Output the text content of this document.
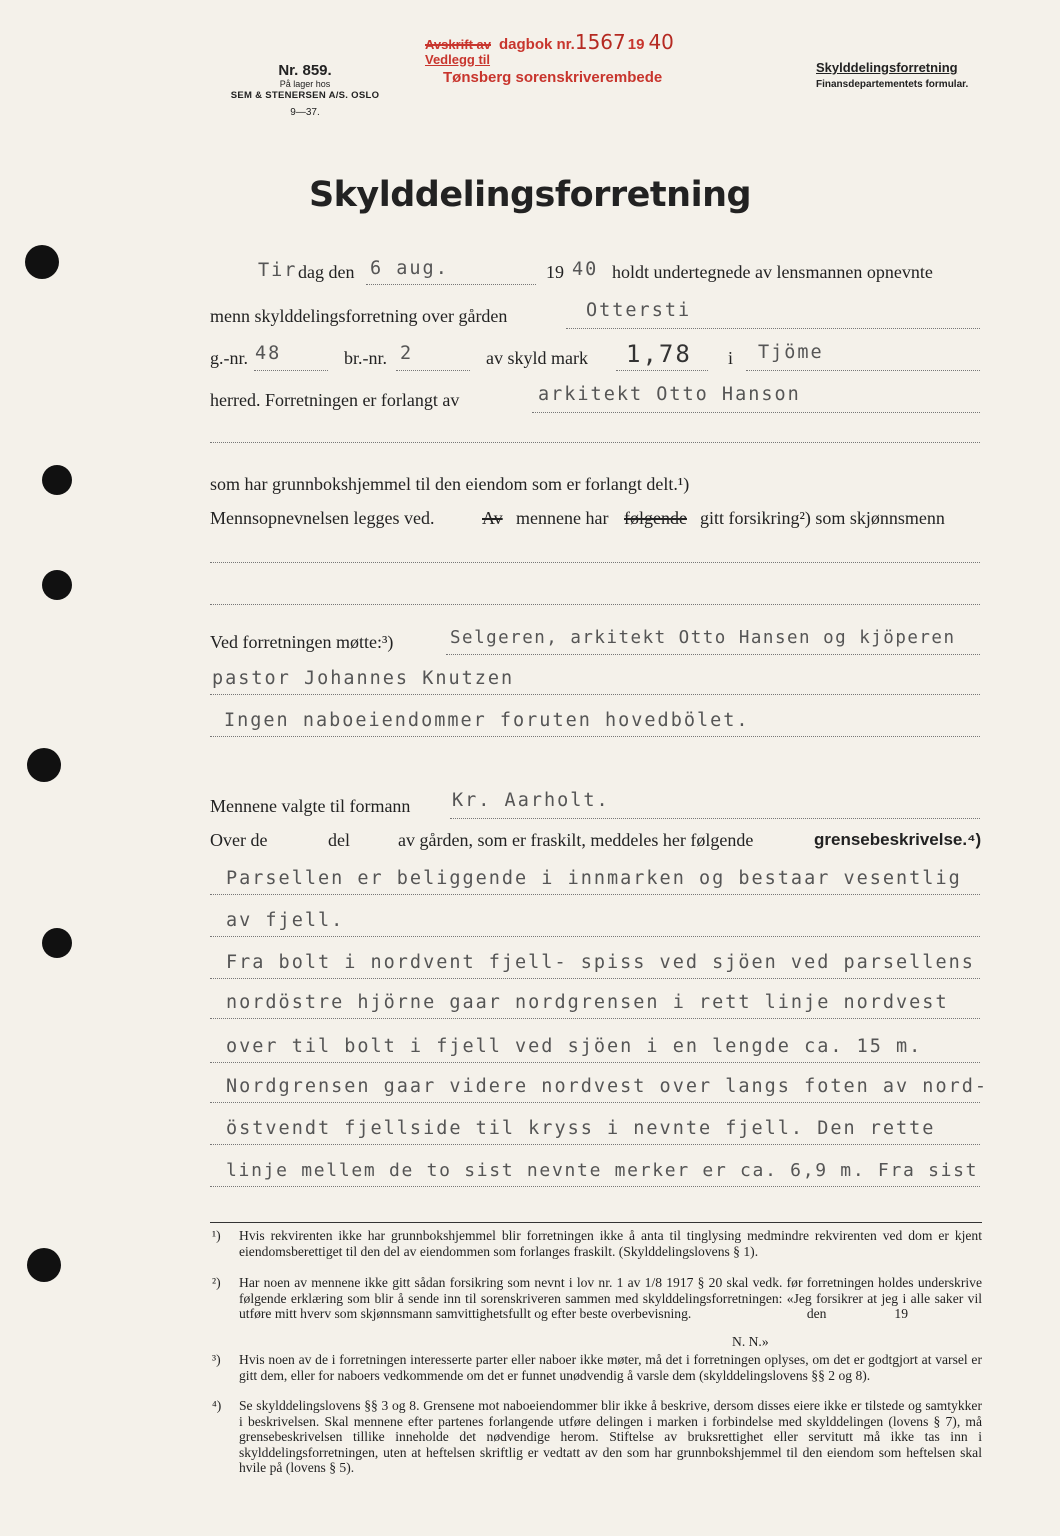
Nr. 859.
På lager hos
SEM & STENERSEN A/S. OSLO
9—37.
Avskrift av
Vedlegg til
dagbok nr. 1567 19 40
Tønsberg sorenskriverembede
Skylddelingsforretning
Finansdepartementets formular.
Skylddelingsforretning
Tir dag den 6 aug.	19 40 holdt undertegnede av lensmannen opnevnte
menn skylddelingsforretning over gården	Ottersti
g.-nr. 48	br.-nr. 2	av skyld mark 1,78 i Tjöme
herred. Forretningen er forlangt av	arkitekt Otto Hanson
som har grunnbokshjemmel til den eiendom som er forlangt delt.¹)
Mennsopnevnelsen legges ved.	Av mennene har følgende gitt forsikring²) som skjønnsmenn
Ved forretningen møtte:³)	Selgeren, arkitekt Otto Hansen og kjöperen
pastor Johannes Knutzen
Ingen naboeiendommer foruten hovedbölet.
Mennene valgte til formann Kr. Aarholt.
Over de	del	av gården, som er fraskilt, meddeles her følgende	grensebeskrivelse.⁴)
Parsellen er beliggende i innmarken og bestaar vesentlig
av fjell.
Fra bolt i nordvent fjell- spiss ved sjöen ved parsellens
nordöstre hjörne gaar nordgrensen i rett linje nordvest
over til bolt i fjell ved sjöen i en lengde ca. 15 m.
Nordgrensen gaar videre nordvest over langs foten av nord-
östvendt fjellside til kryss i nevnte fjell. Den rette
linje mellem de to sist nevnte merker er ca. 6,9 m. Fra sist
¹) Hvis rekvirenten ikke har grunnbokshjemmel blir forretningen ikke å anta til tinglysing medmindre rekvirenten ved dom er kjent eiendomsberettiget til den del av eiendommen som forlanges fraskilt. (Skylddelingslovens § 1).
²) Har noen av mennene ikke gitt sådan forsikring som nevnt i lov nr. 1 av 1/8 1917 § 20 skal vedk. før forretningen holdes underskrive følgende erklæring som blir å sende inn til sorenskriveren sammen med skylddelingsforretningen: «Jeg forsikrer at jeg i alle saker vil utføre mitt hverv som skjønnsmann samvittighetsfullt og efter beste overbevisning.                                  den                    19
N. N.»
³) Hvis noen av de i forretningen interesserte parter eller naboer ikke møter, må det i forretningen oplyses, om det er godtgjort at varsel er gitt dem, eller for naboers vedkommende om det er funnet unødvendig å varsle dem (skylddelingslovens §§ 2 og 8).
⁴) Se skylddelingslovens §§ 3 og 8. Grensene mot naboeiendommer blir ikke å beskrive, dersom disses eiere ikke er tilstede og samtykker i beskrivelsen. Skal mennene efter partenes forlangende utføre delingen i marken i forbindelse med skylddelingen (lovens § 7), må grensebeskrivelsen tillike inneholde det nødvendige herom. Stiftelse av bruksrettighet eller servitutt må ikke tas inn i skylddelingsforretningen, uten at heftelsen skriftlig er vedtatt av den som har grunnbokshjemmel til den eiendom som heftelsen skal hvile på (lovens § 5).
